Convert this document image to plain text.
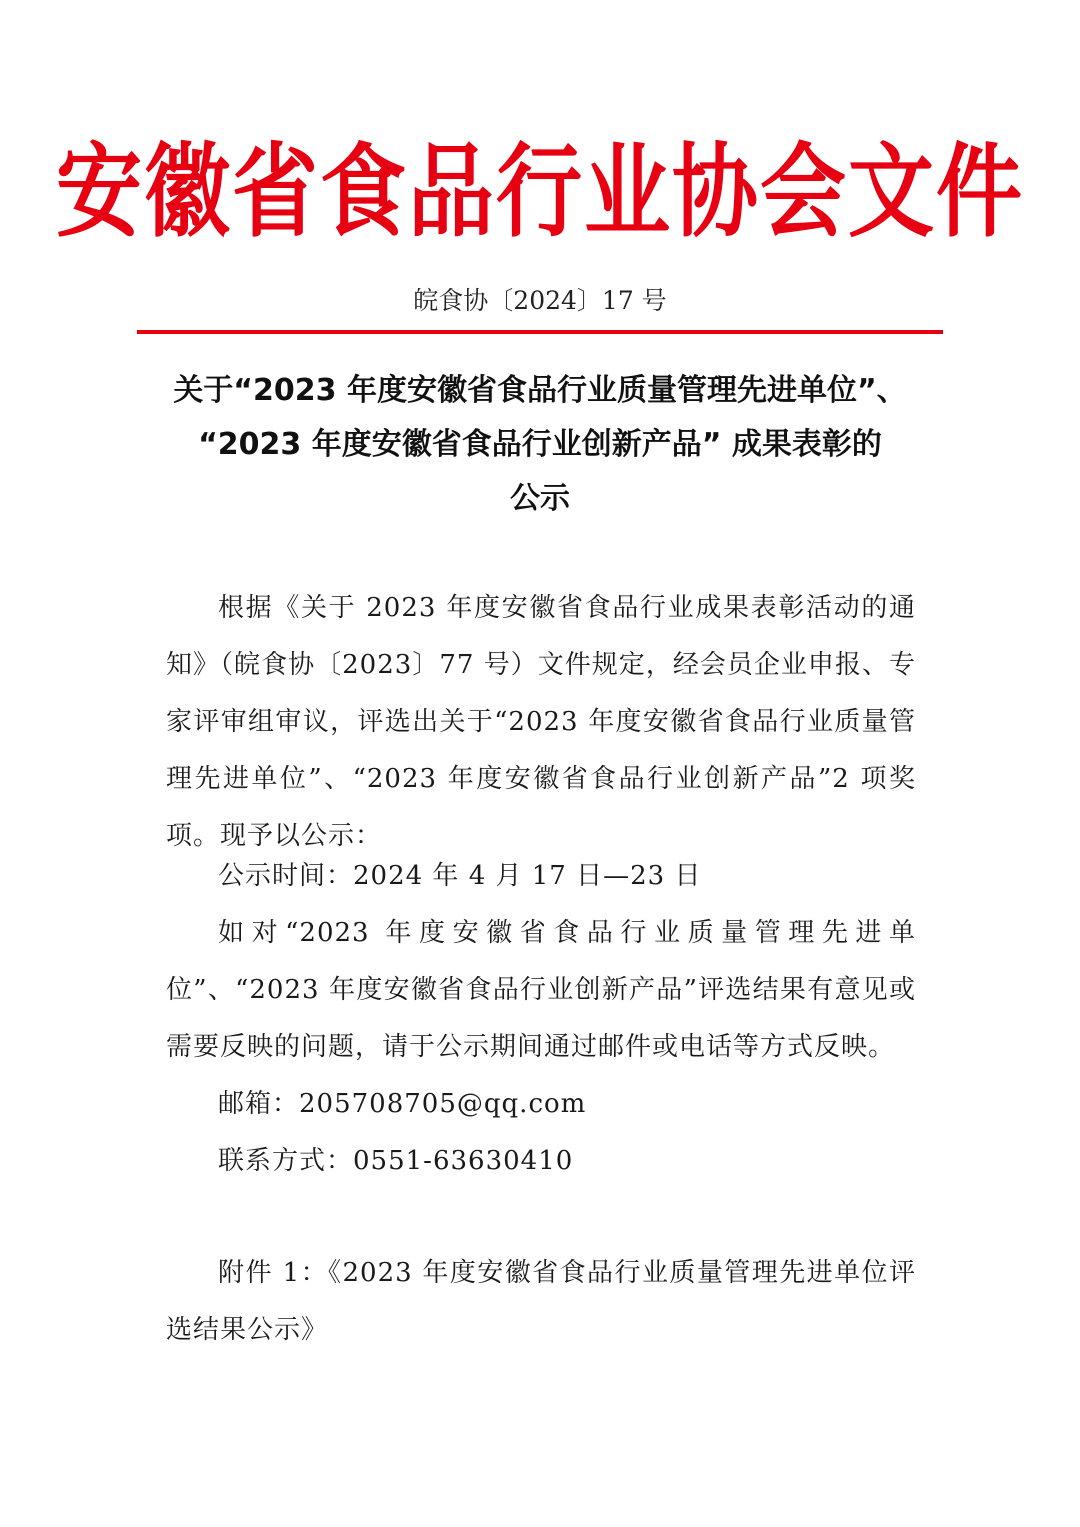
安徽省食品行业协会文件
皖食协〔2024〕17 号
关于“2023 年度安徽省食品行业质量管理先进单位”、
“2023 年度安徽省食品行业创新产品” 成果表彰的
公示

根据《关于 2023 年度安徽省食品行业成果表彰活动的通知》（皖食协〔2023〕77 号）文件规定，经会员企业申报、专家评审组审议，评选出关于“2023 年度安徽省食品行业质量管理先进单位”、“2023 年度安徽省食品行业创新产品”2 项奖项。现予以公示：

公示时间：2024 年 4 月 17 日—23 日

如对“2023 年度安徽省食品行业质量管理先进单位”、“2023 年度安徽省食品行业创新产品”评选结果有意见或需要反映的问题，请于公示期间通过邮件或电话等方式反映。

邮箱：205708705@qq.com

联系方式：0551-63630410

附件 1：《2023 年度安徽省食品行业质量管理先进单位评选结果公示》
